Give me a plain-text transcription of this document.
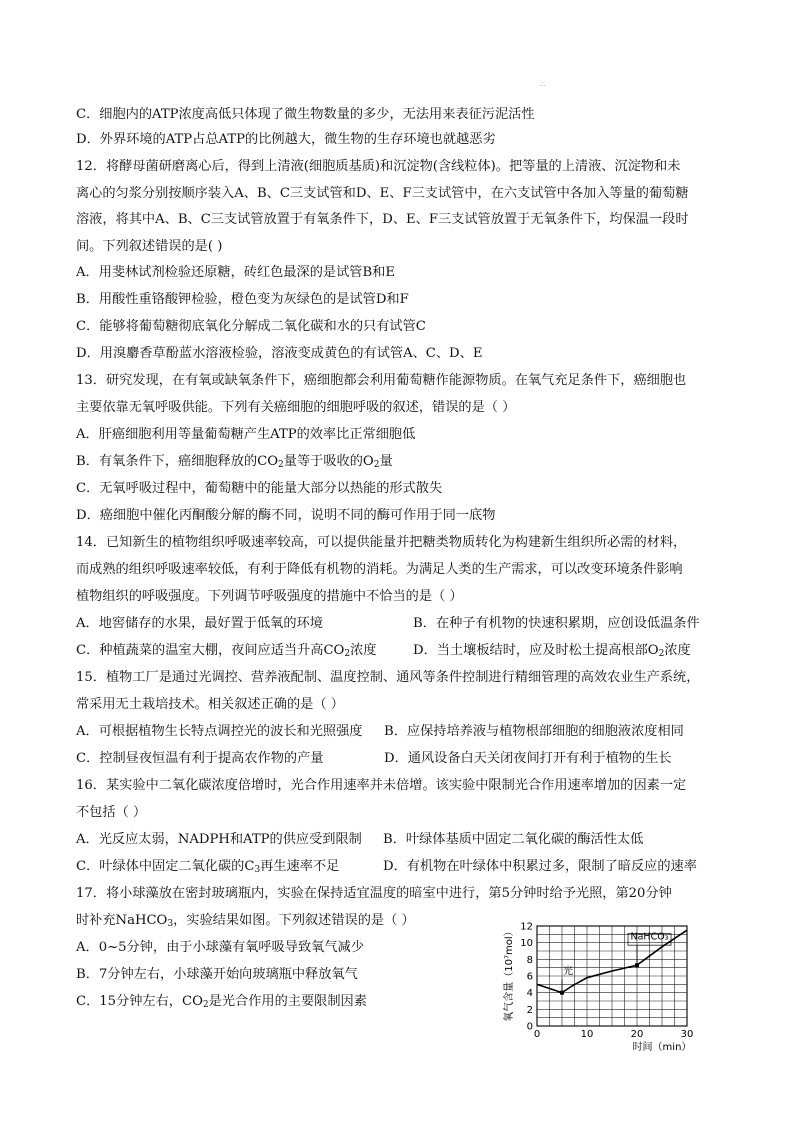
∴
C．细胞内的ATP浓度高低只体现了微生物数量的多少，无法用来表征污泥活性
D．外界环境的ATP占总ATP的比例越大，微生物的生存环境也就越恶劣
12．将酵母菌研磨离心后，得到上清液(细胞质基质)和沉淀物(含线粒体)。把等量的上清液、沉淀物和未
离心的匀浆分别按顺序装入A、B、C三支试管和D、E、F三支试管中，在六支试管中各加入等量的葡萄糖
溶液，将其中A、B、C三支试管放置于有氧条件下，D、E、F三支试管放置于无氧条件下，均保温一段时
间。下列叙述错误的是( )
A．用斐林试剂检验还原糖，砖红色最深的是试管B和E
B．用酸性重铬酸钾检验，橙色变为灰绿色的是试管D和F
C．能够将葡萄糖彻底氧化分解成二氧化碳和水的只有试管C
D．用溴麝香草酚蓝水溶液检验，溶液变成黄色的有试管A、C、D、E
13．研究发现，在有氧或缺氧条件下，癌细胞都会利用葡萄糖作能源物质。在氧气充足条件下，癌细胞也
主要依靠无氧呼吸供能。下列有关癌细胞的细胞呼吸的叙述，错误的是（ ）
A．肝癌细胞利用等量葡萄糖产生ATP的效率比正常细胞低
B．有氧条件下，癌细胞释放的$CO_2$量等于吸收的$O_2$量
C．无氧呼吸过程中，葡萄糖中的能量大部分以热能的形式散失
D．癌细胞中催化丙酮酸分解的酶不同，说明不同的酶可作用于同一底物
14．已知新生的植物组织呼吸速率较高，可以提供能量并把糖类物质转化为构建新生组织所必需的材料，
而成熟的组织呼吸速率较低，有利于降低有机物的消耗。为满足人类的生产需求，可以改变环境条件影响
植物组织的呼吸强度。下列调节呼吸强度的措施中不恰当的是（ ）
A．地窖储存的水果，最好置于低氧的环境	B．在种子有机物的快速积累期，应创设低温条件
C．种植蔬菜的温室大棚，夜间应适当升高$CO_2$浓度	D．当土壤板结时，应及时松土提高根部$O_2$浓度
15．植物工厂是通过光调控、营养液配制、温度控制、通风等条件控制进行精细管理的高效农业生产系统，
常采用无土栽培技术。相关叙述正确的是（ ）
A．可根据植物生长特点调控光的波长和光照强度 B．应保持培养液与植物根部细胞的细胞液浓度相同
C．控制昼夜恒温有利于提高农作物的产量	D．通风设备白天关闭夜间打开有利于植物的生长
16．某实验中二氧化碳浓度倍增时，光合作用速率并未倍增。该实验中限制光合作用速率增加的因素一定
不包括（ ）
A．光反应太弱，NADPH和ATP的供应受到限制 B．叶绿体基质中固定二氧化碳的酶活性太低
C．叶绿体中固定二氧化碳的$C_3$再生速率不足	D．有机物在叶绿体中积累过多，限制了暗反应的速率
17．将小球藻放在密封玻璃瓶内，实验在保持适宜温度的暗室中进行，第5分钟时给予光照，第20分钟
时补充NaHCO$_3$，实验结果如图。下列叙述错误的是（ ）
A．0~5分钟，由于小球藻有氧呼吸导致氧气减少
B．7分钟左右，小球藻开始向玻璃瓶中释放氧气
C．15分钟左右，$CO_2$是光合作用的主要限制因素
0	10	20	30
0
2
4
6
8
10
12
光
NaHCO₃
氧气含量（10⁷mol）
时间（min）
